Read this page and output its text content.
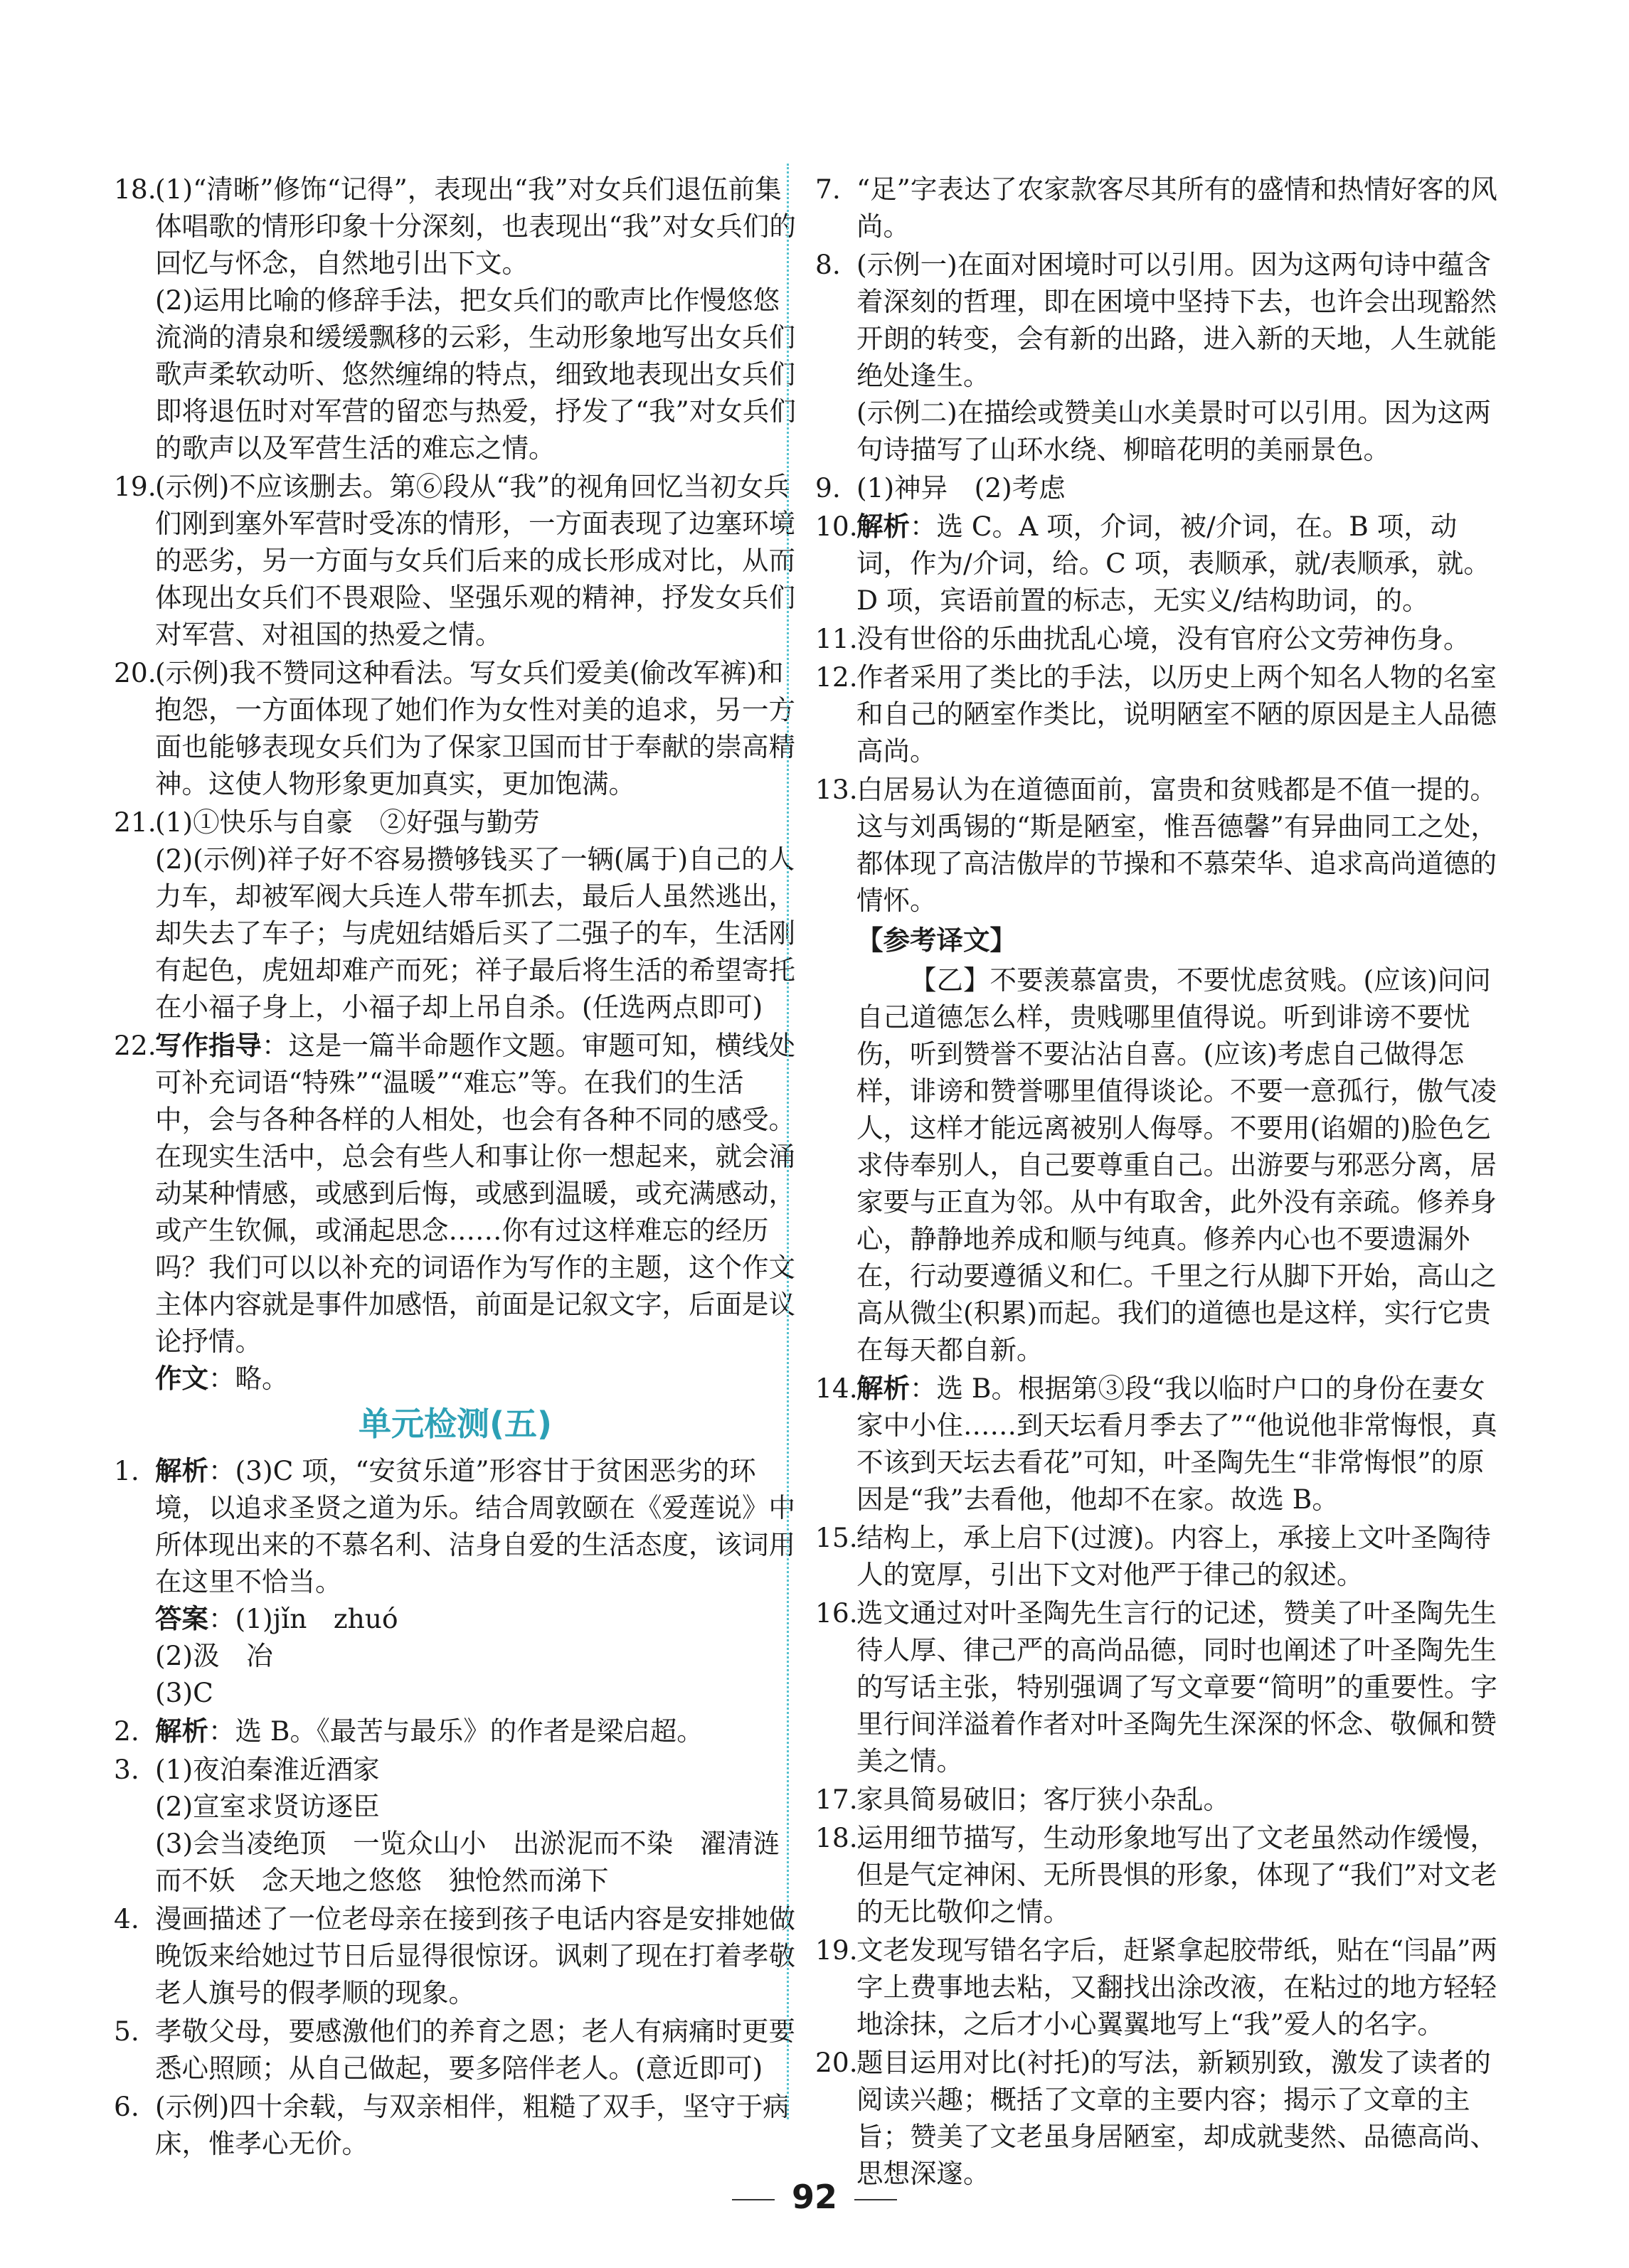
18.
(1)“清晰”修饰“记得”，表现出“我”对女兵们退伍前集体唱歌的情形印象十分深刻，也表现出“我”对女兵们的回忆与怀念，自然地引出下文。
(2)运用比喻的修辞手法，把女兵们的歌声比作慢悠悠流淌的清泉和缓缓飘移的云彩，生动形象地写出女兵们歌声柔软动听、悠然缠绵的特点，细致地表现出女兵们即将退伍时对军营的留恋与热爱，抒发了“我”对女兵们的歌声以及军营生活的难忘之情。
19.
(示例)不应该删去。第⑥段从“我”的视角回忆当初女兵们刚到塞外军营时受冻的情形，一方面表现了边塞环境的恶劣，另一方面与女兵们后来的成长形成对比，从而体现出女兵们不畏艰险、坚强乐观的精神，抒发女兵们对军营、对祖国的热爱之情。
20.
(示例)我不赞同这种看法。写女兵们爱美(偷改军裤)和抱怨，一方面体现了她们作为女性对美的追求，另一方面也能够表现女兵们为了保家卫国而甘于奉献的崇高精神。这使人物形象更加真实，更加饱满。
21.
(1)①快乐与自豪　②好强与勤劳
(2)(示例)祥子好不容易攒够钱买了一辆(属于)自己的人力车，却被军阀大兵连人带车抓去，最后人虽然逃出，却失去了车子；与虎妞结婚后买了二强子的车，生活刚有起色，虎妞却难产而死；祥子最后将生活的希望寄托在小福子身上，小福子却上吊自杀。(任选两点即可)
22.
写作指导：这是一篇半命题作文题。审题可知，横线处可补充词语“特殊”“温暖”“难忘”等。在我们的生活中，会与各种各样的人相处，也会有各种不同的感受。在现实生活中，总会有些人和事让你一想起来，就会涌动某种情感，或感到后悔，或感到温暖，或充满感动，或产生钦佩，或涌起思念……你有过这样难忘的经历吗？我们可以以补充的词语作为写作的主题，这个作文主体内容就是事件加感悟，前面是记叙文字，后面是议论抒情。
作文：略。
单元检测(五)
1. 解析：(3)C 项，“安贫乐道”形容甘于贫困恶劣的环境，以追求圣贤之道为乐。结合周敦颐在《爱莲说》中所体现出来的不慕名利、洁身自爱的生活态度，该词用在这里不恰当。
答案：(1)jǐn　zhuó
(2)汲　冶
(3)C
2. 解析：选 B。《最苦与最乐》的作者是梁启超。
3. (1)夜泊秦淮近酒家
(2)宣室求贤访逐臣
(3)会当凌绝顶　一览众山小　出淤泥而不染　濯清涟而不妖　念天地之悠悠　独怆然而涕下
4. 漫画描述了一位老母亲在接到孩子电话内容是安排她做晚饭来给她过节日后显得很惊讶。讽刺了现在打着孝敬老人旗号的假孝顺的现象。
5. 孝敬父母，要感激他们的养育之恩；老人有病痛时更要悉心照顾；从自己做起，要多陪伴老人。(意近即可)
6. (示例)四十余载，与双亲相伴，粗糙了双手，坚守于病床，惟孝心无价。
7. “足”字表达了农家款客尽其所有的盛情和热情好客的风尚。
8. (示例一)在面对困境时可以引用。因为这两句诗中蕴含着深刻的哲理，即在困境中坚持下去，也许会出现豁然开朗的转变，会有新的出路，进入新的天地，人生就能绝处逢生。
(示例二)在描绘或赞美山水美景时可以引用。因为这两句诗描写了山环水绕、柳暗花明的美丽景色。
9. (1)神异　(2)考虑
10.
解析：选 C。A 项，介词，被/介词，在。B 项，动词，作为/介词，给。C 项，表顺承，就/表顺承，就。D 项，宾语前置的标志，无实义/结构助词，的。
11.
没有世俗的乐曲扰乱心境，没有官府公文劳神伤身。
12.
作者采用了类比的手法，以历史上两个知名人物的名室和自己的陋室作类比，说明陋室不陋的原因是主人品德高尚。
13.
白居易认为在道德面前，富贵和贫贱都是不值一提的。这与刘禹锡的“斯是陋室，惟吾德馨”有异曲同工之处，都体现了高洁傲岸的节操和不慕荣华、追求高尚道德的情怀。
【参考译文】
【乙】不要羡慕富贵，不要忧虑贫贱。(应该)问问自己道德怎么样，贵贱哪里值得说。听到诽谤不要忧伤，听到赞誉不要沾沾自喜。(应该)考虑自己做得怎样，诽谤和赞誉哪里值得谈论。不要一意孤行，傲气凌人，这样才能远离被别人侮辱。不要用(谄媚的)脸色乞求侍奉别人，自己要尊重自己。出游要与邪恶分离，居家要与正直为邻。从中有取舍，此外没有亲疏。修养身心，静静地养成和顺与纯真。修养内心也不要遗漏外在，行动要遵循义和仁。千里之行从脚下开始，高山之高从微尘(积累)而起。我们的道德也是这样，实行它贵在每天都自新。
14.
解析：选 B。根据第③段“我以临时户口的身份在妻女家中小住……到天坛看月季去了”“他说他非常悔恨，真不该到天坛去看花”可知，叶圣陶先生“非常悔恨”的原因是“我”去看他，他却不在家。故选 B。
15.
结构上，承上启下(过渡)。内容上，承接上文叶圣陶待人的宽厚，引出下文对他严于律己的叙述。
16.
选文通过对叶圣陶先生言行的记述，赞美了叶圣陶先生待人厚、律己严的高尚品德，同时也阐述了叶圣陶先生的写话主张，特别强调了写文章要“简明”的重要性。字里行间洋溢着作者对叶圣陶先生深深的怀念、敬佩和赞美之情。
17.
家具简易破旧；客厅狭小杂乱。
18.
运用细节描写，生动形象地写出了文老虽然动作缓慢，但是气定神闲、无所畏惧的形象，体现了“我们”对文老的无比敬仰之情。
19.
文老发现写错名字后，赶紧拿起胶带纸，贴在“闫晶”两字上费事地去粘，又翻找出涂改液，在粘过的地方轻轻地涂抹，之后才小心翼翼地写上“我”爱人的名字。
20.
题目运用对比(衬托)的写法，新颖别致，激发了读者的阅读兴趣；概括了文章的主要内容；揭示了文章的主旨；赞美了文老虽身居陋室，却成就斐然、品德高尚、思想深邃。
92
